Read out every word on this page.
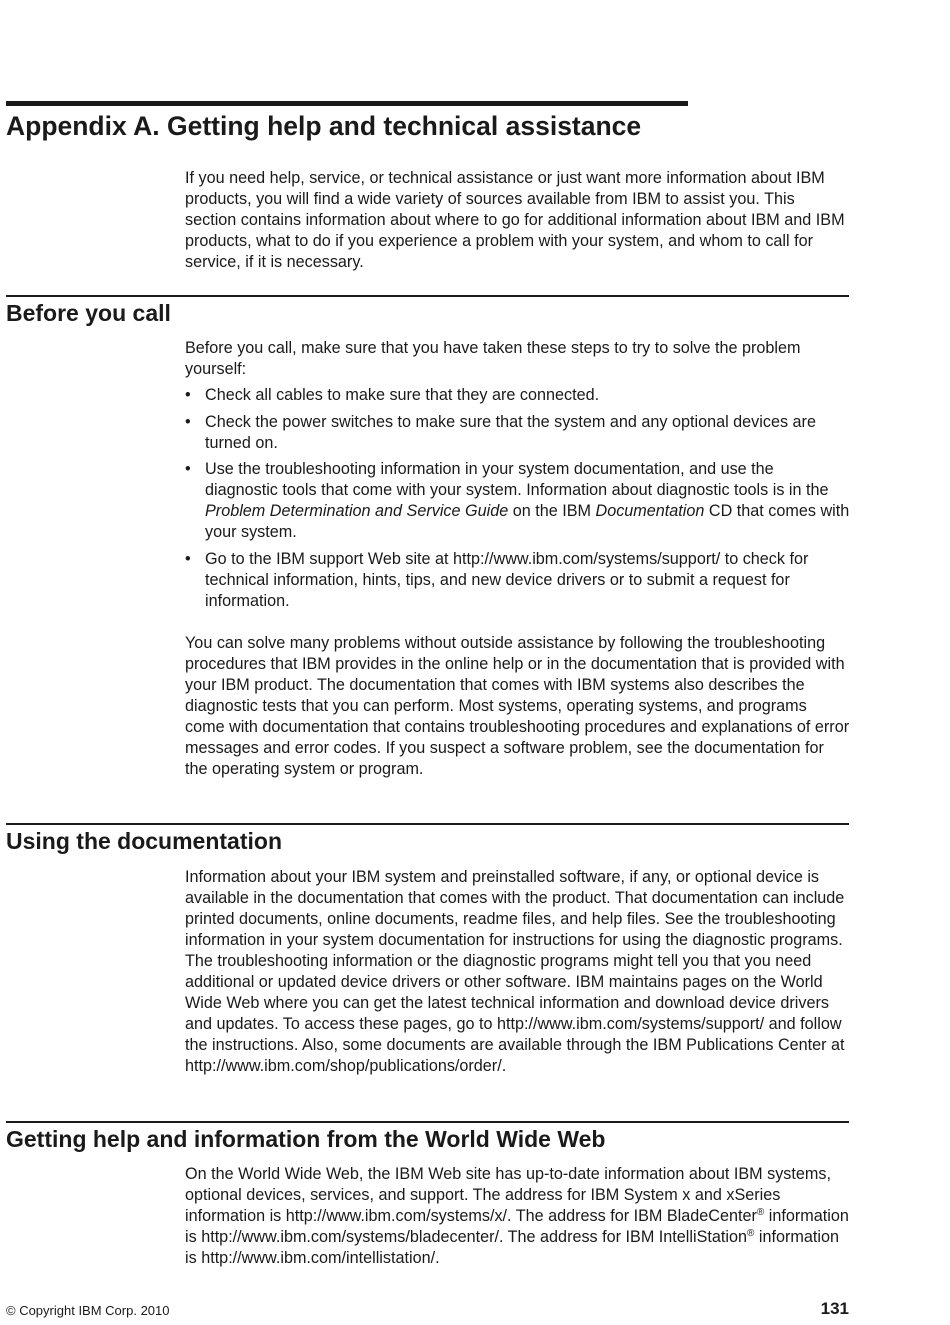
Appendix A. Getting help and technical assistance

If you need help, service, or technical assistance or just want more information about IBM products, you will find a wide variety of sources available from IBM to assist you. This section contains information about where to go for additional information about IBM and IBM products, what to do if you experience a problem with your system, and whom to call for service, if it is necessary.

Before you call

Before you call, make sure that you have taken these steps to try to solve the problem yourself:

• Check all cables to make sure that they are connected.
• Check the power switches to make sure that the system and any optional devices are turned on.
• Use the troubleshooting information in your system documentation, and use the diagnostic tools that come with your system. Information about diagnostic tools is in the Problem Determination and Service Guide on the IBM Documentation CD that comes with your system.
• Go to the IBM support Web site at http://www.ibm.com/systems/support/ to check for technical information, hints, tips, and new device drivers or to submit a request for information.

You can solve many problems without outside assistance by following the troubleshooting procedures that IBM provides in the online help or in the documentation that is provided with your IBM product. The documentation that comes with IBM systems also describes the diagnostic tests that you can perform. Most systems, operating systems, and programs come with documentation that contains troubleshooting procedures and explanations of error messages and error codes. If you suspect a software problem, see the documentation for the operating system or program.

Using the documentation

Information about your IBM system and preinstalled software, if any, or optional device is available in the documentation that comes with the product. That documentation can include printed documents, online documents, readme files, and help files. See the troubleshooting information in your system documentation for instructions for using the diagnostic programs. The troubleshooting information or the diagnostic programs might tell you that you need additional or updated device drivers or other software. IBM maintains pages on the World Wide Web where you can get the latest technical information and download device drivers and updates. To access these pages, go to http://www.ibm.com/systems/support/ and follow the instructions. Also, some documents are available through the IBM Publications Center at http://www.ibm.com/shop/publications/order/.

Getting help and information from the World Wide Web

On the World Wide Web, the IBM Web site has up-to-date information about IBM systems, optional devices, services, and support. The address for IBM System x and xSeries information is http://www.ibm.com/systems/x/. The address for IBM BladeCenter® information is http://www.ibm.com/systems/bladecenter/. The address for IBM IntelliStation® information is http://www.ibm.com/intellistation/.

© Copyright IBM Corp. 2010	131
